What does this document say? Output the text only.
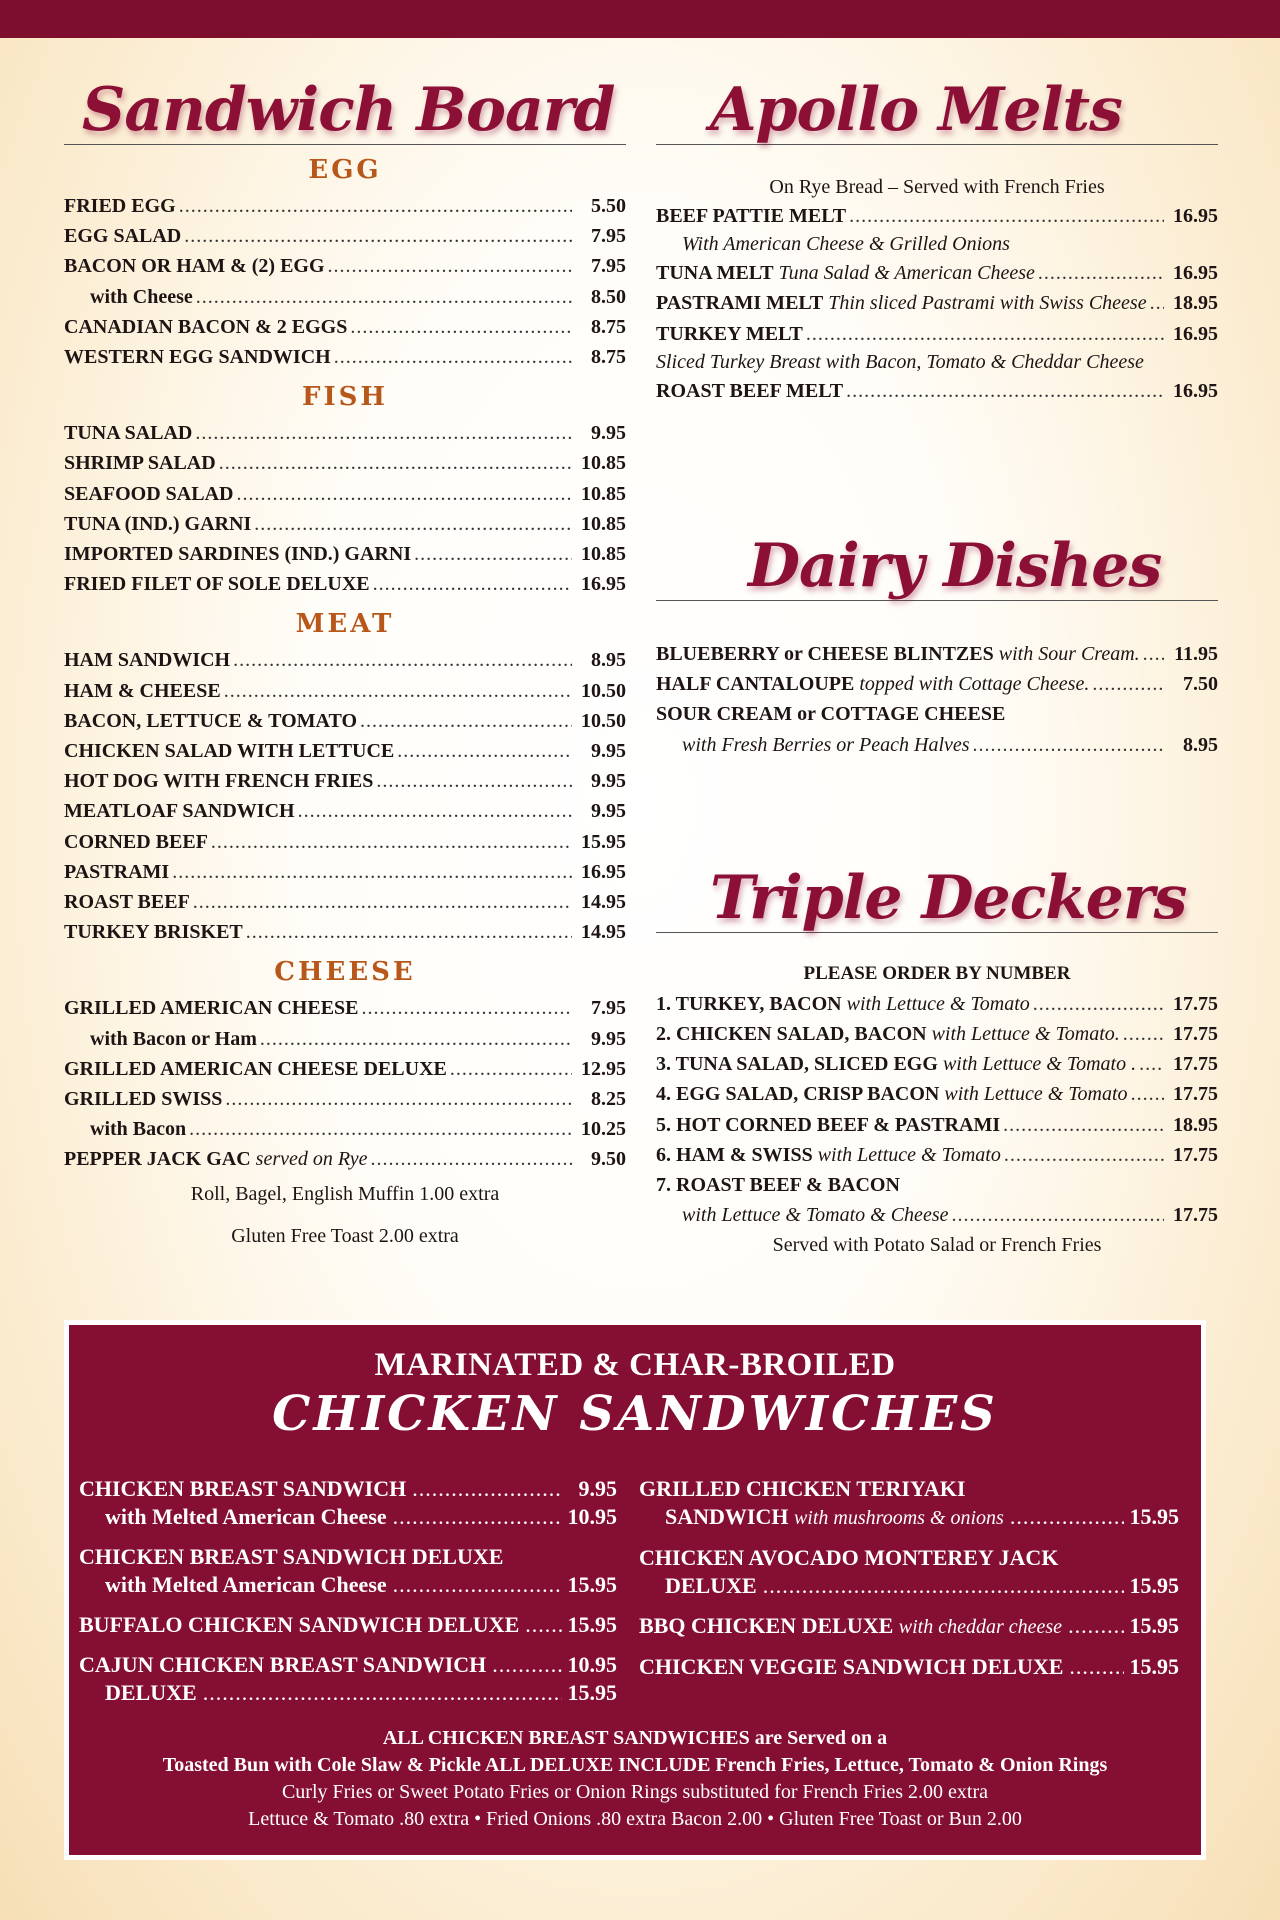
Sandwich Board
EGG
FRIED EGG .....	5.50
EGG SALAD .....	7.95
BACON OR HAM & (2) EGG .....	7.95
with Cheese .....	8.50
CANADIAN BACON & 2 EGGS .....	8.75
WESTERN EGG SANDWICH .....	8.75
FISH
TUNA SALAD .....	9.95
SHRIMP SALAD .....	10.85
SEAFOOD SALAD .....	10.85
TUNA (IND.) GARNI .....	10.85
IMPORTED SARDINES (IND.) GARNI .....	10.85
FRIED FILET OF SOLE DELUXE .....	16.95
MEAT
HAM SANDWICH .....	8.95
HAM & CHEESE .....	10.50
BACON, LETTUCE & TOMATO .....	10.50
CHICKEN SALAD WITH LETTUCE .....	9.95
HOT DOG WITH FRENCH FRIES .....	9.95
MEATLOAF SANDWICH .....	9.95
CORNED BEEF .....	15.95
PASTRAMI .....	16.95
ROAST BEEF .....	14.95
TURKEY BRISKET .....	14.95
CHEESE
GRILLED AMERICAN CHEESE .....	7.95
with Bacon or Ham .....	9.95
GRILLED AMERICAN CHEESE DELUXE .....	12.95
GRILLED SWISS .....	8.25
with Bacon .....	10.25
PEPPER JACK GAC
served on Rye .....	9.50
Roll, Bagel, English Muffin 1.00 extra
Gluten Free Toast 2.00 extra
Apollo Melts
On Rye Bread – Served with French Fries
BEEF PATTIE MELT .....	16.95
With American Cheese & Grilled Onions
TUNA MELT
Tuna Salad & American Cheese .....	16.95
PASTRAMI MELT
Thin sliced Pastrami with Swiss Cheese ..... 18.95
TURKEY MELT .....	16.95
Sliced Turkey Breast with Bacon, Tomato & Cheddar Cheese
ROAST BEEF MELT .....	16.95
Dairy Dishes
BLUEBERRY or CHEESE BLINTZES
with Sour Cream. ..... 11.95
HALF CANTALOUPE
topped with Cottage Cheese. .....	7.50
SOUR CREAM or COTTAGE CHEESE
with Fresh Berries or Peach Halves .....	8.95
Triple Deckers
PLEASE ORDER BY NUMBER
1. TURKEY, BACON
with Lettuce & Tomato .....	17.75
2. CHICKEN SALAD, BACON
with Lettuce & Tomato. .....	17.75
3. TUNA SALAD, SLICED EGG
with Lettuce & Tomato . ..... 17.75
4. EGG SALAD, CRISP BACON
with Lettuce & Tomato ..... 17.75
5. HOT CORNED BEEF & PASTRAMI .....	18.95
6. HAM & SWISS
with Lettuce & Tomato .....	17.75
7. ROAST BEEF & BACON
with Lettuce & Tomato & Cheese .....	17.75
Served with Potato Salad or French Fries
MARINATED & CHAR-BROILED
CHICKEN SANDWICHES
CHICKEN BREAST SANDWICH .....	9.95
with Melted American Cheese .....	10.95
CHICKEN BREAST SANDWICH DELUXE
with Melted American Cheese .....	15.95
BUFFALO CHICKEN SANDWICH DELUXE ..... 15.95
CAJUN CHICKEN BREAST SANDWICH .....	10.95
DELUXE .....	15.95
GRILLED CHICKEN TERIYAKI
SANDWICH
with mushrooms & onions .....	15.95
CHICKEN AVOCADO MONTEREY JACK
DELUXE .....	15.95
BBQ CHICKEN DELUXE
with cheddar cheese .....	15.95
CHICKEN VEGGIE SANDWICH DELUXE .....	15.95
ALL CHICKEN BREAST SANDWICHES are Served on a
Toasted Bun with Cole Slaw & Pickle ALL DELUXE INCLUDE French Fries, Lettuce, Tomato & Onion Rings
Curly Fries or Sweet Potato Fries or Onion Rings substituted for French Fries 2.00 extra
Lettuce & Tomato .80 extra • Fried Onions .80 extra Bacon 2.00 • Gluten Free Toast or Bun 2.00
